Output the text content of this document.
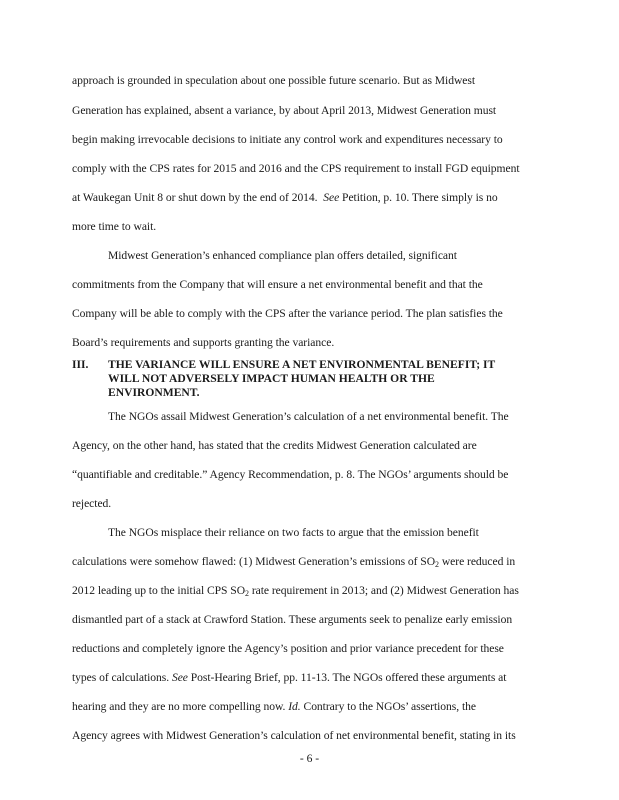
approach is grounded in speculation about one possible future scenario. But as Midwest
Generation has explained, absent a variance, by about April 2013, Midwest Generation must
begin making irrevocable decisions to initiate any control work and expenditures necessary to
comply with the CPS rates for 2015 and 2016 and the CPS requirement to install FGD equipment
at Waukegan Unit 8 or shut down by the end of 2014. See Petition, p. 10. There simply is no
more time to wait.
Midwest Generation’s enhanced compliance plan offers detailed, significant
commitments from the Company that will ensure a net environmental benefit and that the
Company will be able to comply with the CPS after the variance period. The plan satisfies the
Board’s requirements and supports granting the variance.
III. THE VARIANCE WILL ENSURE A NET ENVIRONMENTAL BENEFIT; IT
WILL NOT ADVERSELY IMPACT HUMAN HEALTH OR THE
ENVIRONMENT.
The NGOs assail Midwest Generation’s calculation of a net environmental benefit. The
Agency, on the other hand, has stated that the credits Midwest Generation calculated are
“quantifiable and creditable.” Agency Recommendation, p. 8. The NGOs’ arguments should be
rejected.
The NGOs misplace their reliance on two facts to argue that the emission benefit
calculations were somehow flawed: (1) Midwest Generation’s emissions of $SO_2$ were reduced in
2012 leading up to the initial CPS $SO_2$ rate requirement in 2013; and (2) Midwest Generation has
dismantled part of a stack at Crawford Station. These arguments seek to penalize early emission
reductions and completely ignore the Agency’s position and prior variance precedent for these
types of calculations. See Post-Hearing Brief, pp. 11-13. The NGOs offered these arguments at
hearing and they are no more compelling now. Id. Contrary to the NGOs’ assertions, the
Agency agrees with Midwest Generation’s calculation of net environmental benefit, stating in its
- 6 -
